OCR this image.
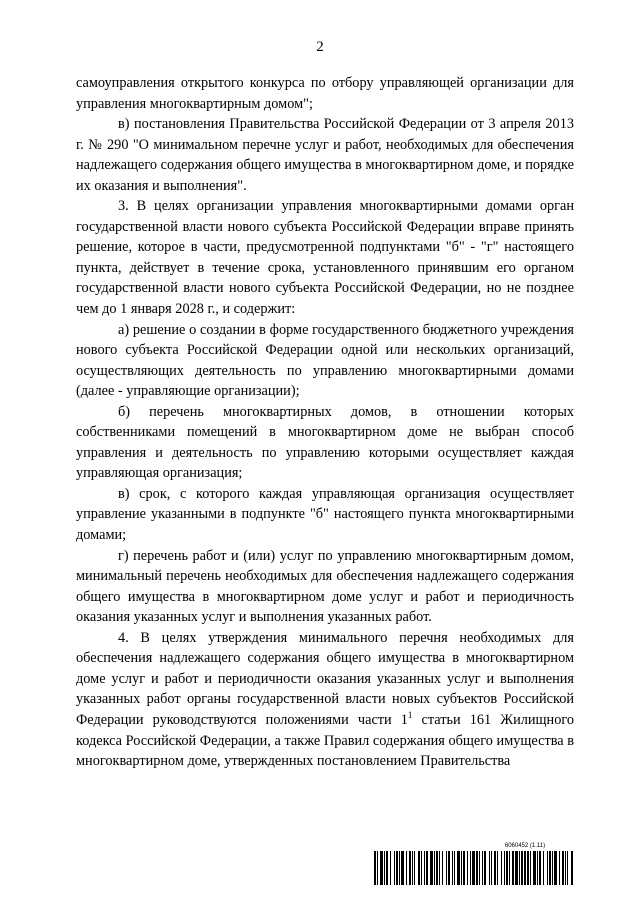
2

самоуправления открытого конкурса по отбору управляющей организации для управления многоквартирным домом";

в) постановления Правительства Российской Федерации от 3 апреля 2013 г. № 290 "О минимальном перечне услуг и работ, необходимых для обеспечения надлежащего содержания общего имущества в многоквартирном доме, и порядке их оказания и выполнения".

3. В целях организации управления многоквартирными домами орган государственной власти нового субъекта Российской Федерации вправе принять решение, которое в части, предусмотренной подпунктами "б" - "г" настоящего пункта, действует в течение срока, установленного принявшим его органом государственной власти нового субъекта Российской Федерации, но не позднее чем до 1 января 2028 г., и содержит:

а) решение о создании в форме государственного бюджетного учреждения нового субъекта Российской Федерации одной или нескольких организаций, осуществляющих деятельность по управлению многоквартирными домами (далее - управляющие организации);

б) перечень многоквартирных домов, в отношении которых собственниками помещений в многоквартирном доме не выбран способ управления и деятельность по управлению которыми осуществляет каждая управляющая организация;

в) срок, с которого каждая управляющая организация осуществляет управление указанными в подпункте "б" настоящего пункта многоквартирными домами;

г) перечень работ и (или) услуг по управлению многоквартирным домом, минимальный перечень необходимых для обеспечения надлежащего содержания общего имущества в многоквартирном доме услуг и работ и периодичность оказания указанных услуг и выполнения указанных работ.

4. В целях утверждения минимального перечня необходимых для обеспечения надлежащего содержания общего имущества в многоквартирном доме услуг и работ и периодичности оказания указанных услуг и выполнения указанных работ органы государственной власти новых субъектов Российской Федерации руководствуются положениями части $1^1$ статьи 161 Жилищного кодекса Российской Федерации, а также Правил содержания общего имущества в многоквартирном доме, утвержденных постановлением Правительства

6060452 (1.11)
